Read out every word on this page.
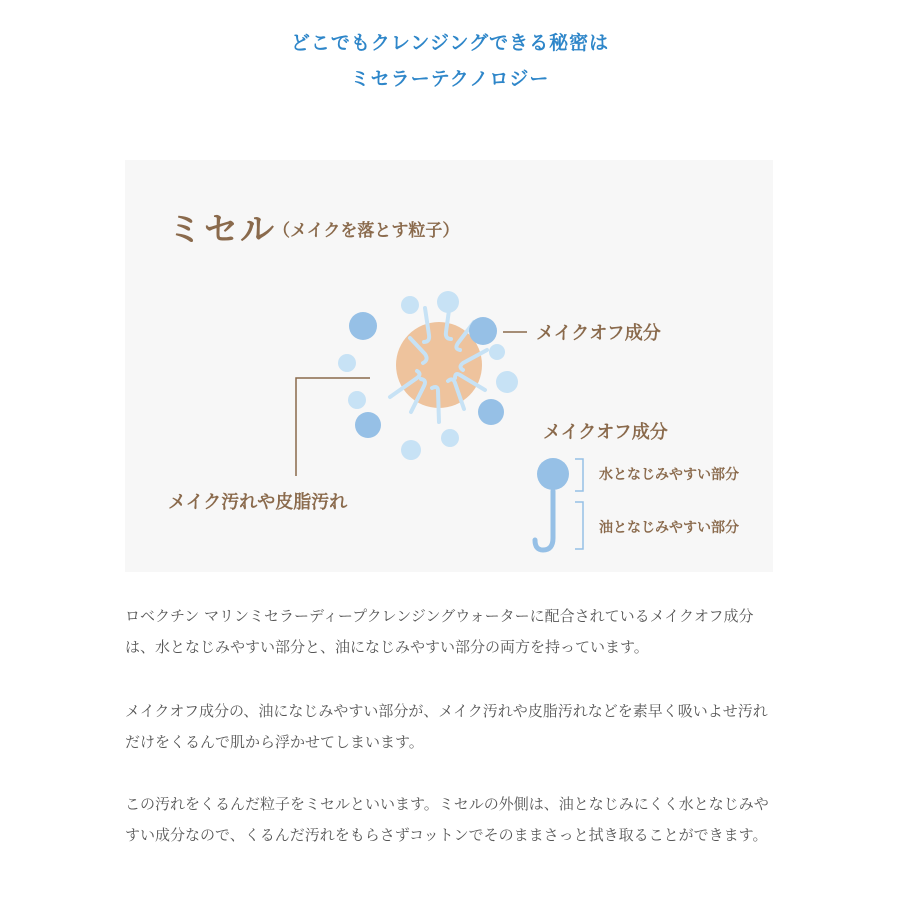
どこでもクレンジングできる秘密は
ミセラーテクノロジー
ミセル
（メイクを落とす粒子）
メイクオフ成分
メイクオフ成分
メイク汚れや皮脂汚れ
水となじみやすい部分
油となじみやすい部分

ロベクチン マリンミセラーディープクレンジングウォーターに配合されているメイクオフ成分は、水となじみやすい部分と、油になじみやすい部分の両方を持っています。

メイクオフ成分の、油になじみやすい部分が、メイク汚れや皮脂汚れなどを素早く吸いよせ汚れだけをくるんで肌から浮かせてしまいます。

この汚れをくるんだ粒子をミセルといいます。ミセルの外側は、油となじみにくく水となじみやすい成分なので、くるんだ汚れをもらさずコットンでそのままさっと拭き取ることができます。
